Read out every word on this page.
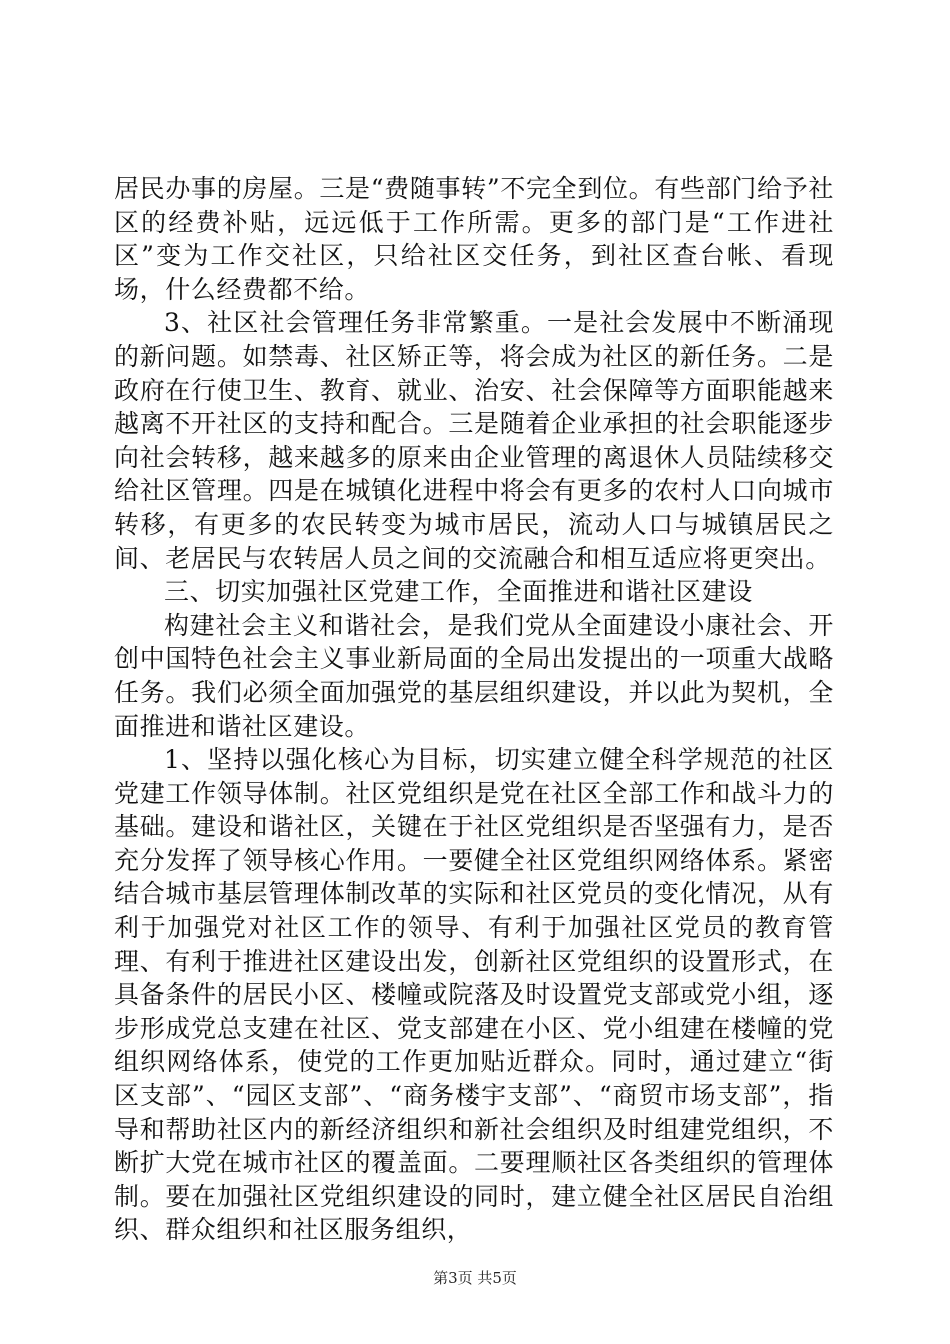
居民办事的房屋。三是“费随事转”不完全到位。有些部门给予社区的经费补贴，远远低于工作所需。更多的部门是“工作进社区”变为工作交社区，只给社区交任务，到社区查台帐、看现场，什么经费都不给。

3、社区社会管理任务非常繁重。一是社会发展中不断涌现的新问题。如禁毒、社区矫正等，将会成为社区的新任务。二是政府在行使卫生、教育、就业、治安、社会保障等方面职能越来越离不开社区的支持和配合。三是随着企业承担的社会职能逐步向社会转移，越来越多的原来由企业管理的离退休人员陆续移交给社区管理。四是在城镇化进程中将会有更多的农村人口向城市转移，有更多的农民转变为城市居民，流动人口与城镇居民之间、老居民与农转居人员之间的交流融合和相互适应将更突出。

三、切实加强社区党建工作，全面推进和谐社区建设

构建社会主义和谐社会，是我们党从全面建设小康社会、开创中国特色社会主义事业新局面的全局出发提出的一项重大战略任务。我们必须全面加强党的基层组织建设，并以此为契机，全面推进和谐社区建设。

1、坚持以强化核心为目标，切实建立健全科学规范的社区党建工作领导体制。社区党组织是党在社区全部工作和战斗力的基础。建设和谐社区，关键在于社区党组织是否坚强有力，是否充分发挥了领导核心作用。一要健全社区党组织网络体系。紧密结合城市基层管理体制改革的实际和社区党员的变化情况，从有利于加强党对社区工作的领导、有利于加强社区党员的教育管理、有利于推进社区建设出发，创新社区党组织的设置形式，在具备条件的居民小区、楼幢或院落及时设置党支部或党小组，逐步形成党总支建在社区、党支部建在小区、党小组建在楼幢的党组织网络体系，使党的工作更加贴近群众。同时，通过建立“街区支部”、“园区支部”、“商务楼宇支部”、“商贸市场支部”，指导和帮助社区内的新经济组织和新社会组织及时组建党组织，不断扩大党在城市社区的覆盖面。二要理顺社区各类组织的管理体制。要在加强社区党组织建设的同时，建立健全社区居民自治组织、群众组织和社区服务组织，

第3页 共5页
